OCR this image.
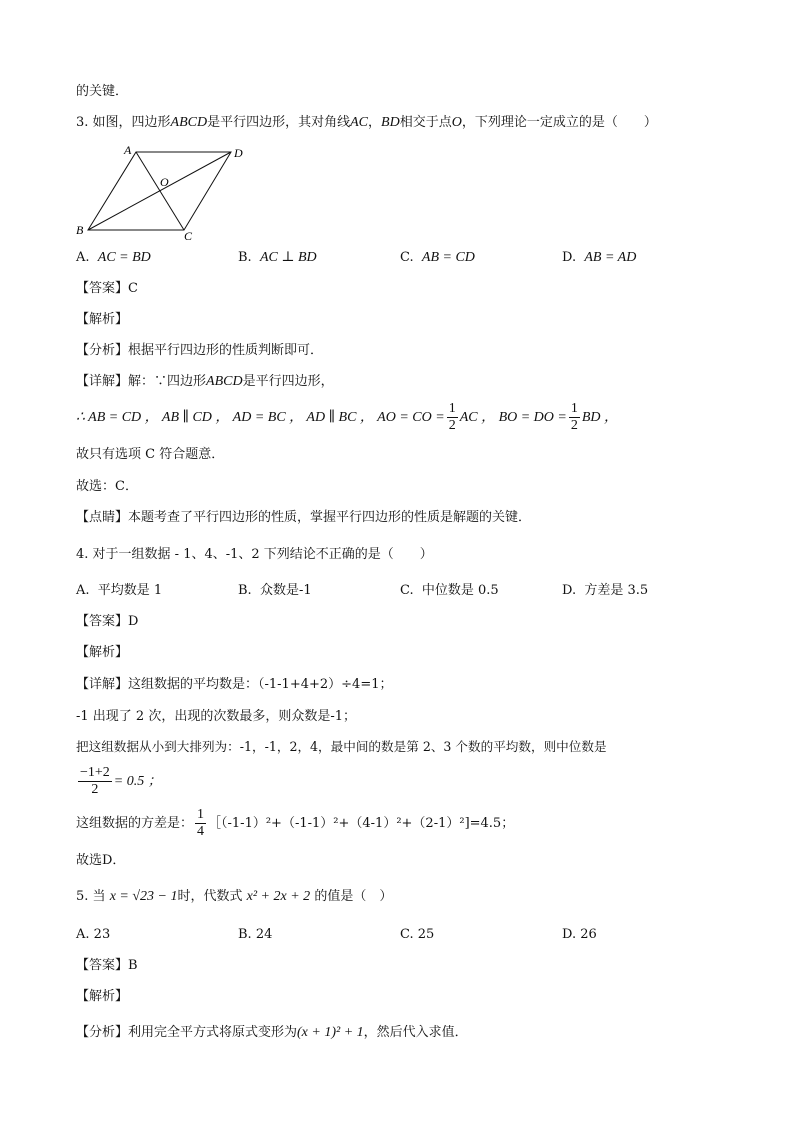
的关键．
3. 如图，四边形ABCD是平行四边形，其对角线AC，BD相交于点O，下列理论一定成立的是（　　）
A	D
B	C
O
A. AC = BD	B. AC ⊥ BD	C. AB = CD	D. AB = AD
【答案】C
【解析】
【分析】根据平行四边形的性质判断即可．
【详解】解：∵四边形ABCD是平行四边形，
∴ AB = CD ， AB ∥ CD ， AD = BC ， AD ∥ BC ， AO = CO = $\frac{1}{2}$ AC ， BO = DO = $\frac{1}{2}$ BD ，
故只有选项 C 符合题意．
故选：C．
【点睛】本题考查了平行四边形的性质，掌握平行四边形的性质是解题的关键．
4. 对于一组数据 - 1、4、-1、2 下列结论不正确的是（　　）
A. 平均数是 1	B. 众数是-1	C. 中位数是 0.5	D. 方差是 3.5
【答案】D
【解析】
【详解】这组数据的平均数是：（-1-1+4+2）÷4=1；
-1 出现了 2 次，出现的次数最多，则众数是-1；
把这组数据从小到大排列为：-1，-1，2，4，最中间的数是第 2、3 个数的平均数，则中位数是
$\frac{-1+2}{2} = 0.5$ ；
这组数据的方差是： $\frac{1}{4}$ ［（-1-1）²+（-1-1）²+（4-1）²+（2-1）²]=4.5；
故选D．
5. 当 x = √23 − 1时，代数式 x² + 2x + 2 的值是（　）
A. 23	B. 24	C. 25	D. 26
【答案】B
【解析】
【分析】利用完全平方式将原式变形为(x + 1)² + 1，然后代入求值．
